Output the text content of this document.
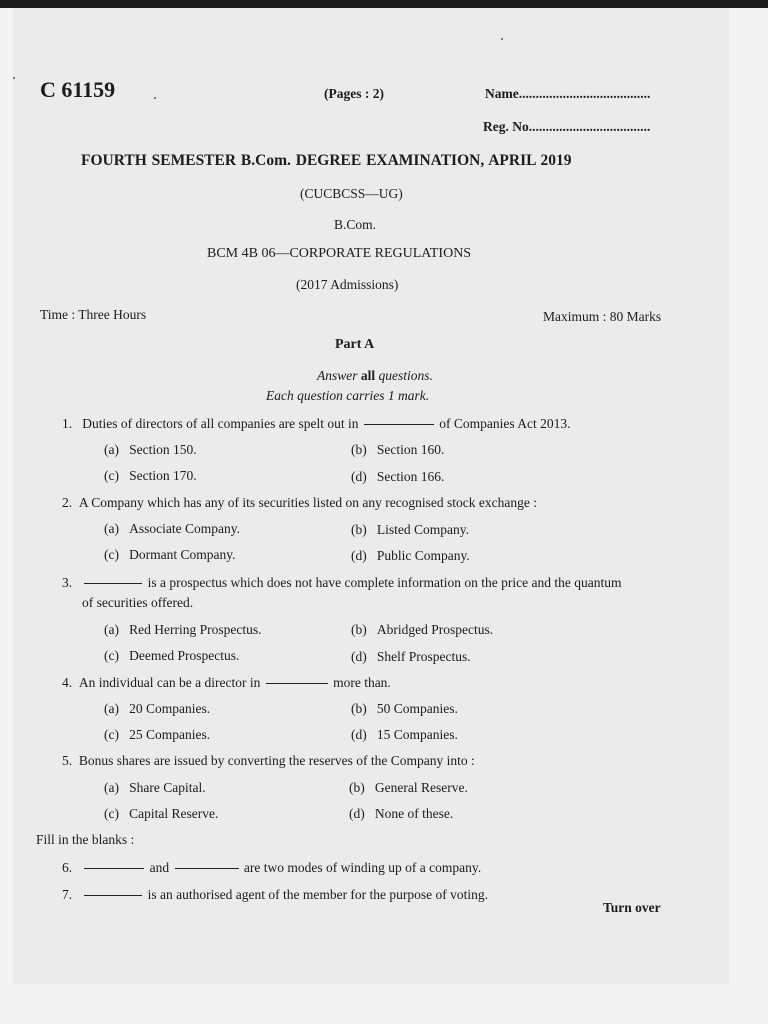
C 61159	(Pages : 2)	Name.......................................
Reg. No....................................
FOURTH SEMESTER B.Com. DEGREE EXAMINATION, APRIL 2019
(CUCBCSS—UG)
B.Com.
BCM 4B 06—CORPORATE REGULATIONS
(2017 Admissions)
Time : Three Hours	Maximum : 80 Marks
Part A
Answer all questions.
Each question carries 1 mark.
1. Duties of directors of all companies are spelt out in	of Companies Act 2013.
(a) Section 150.	(b) Section 160.
(c) Section 170.	(d) Section 166.
2. A Company which has any of its securities listed on any recognised stock exchange :
(a) Associate Company.	(b) Listed Company.
(c) Dormant Company.	(d) Public Company.
3.	is a prospectus which does not have complete information on the price and the quantum
of securities offered.
(a) Red Herring Prospectus.	(b) Abridged Prospectus.
(c) Deemed Prospectus.	(d) Shelf Prospectus.
4. An individual can be a director in	more than.
(a) 20 Companies.	(b) 50 Companies.
(c) 25 Companies.	(d) 15 Companies.
5. Bonus shares are issued by converting the reserves of the Company into :
(a) Share Capital.	(b) General Reserve.
(c) Capital Reserve.	(d) None of these.
Fill in the blanks :
6.	and	are two modes of winding up of a company.
7.	is an authorised agent of the member for the purpose of voting.
Turn over
